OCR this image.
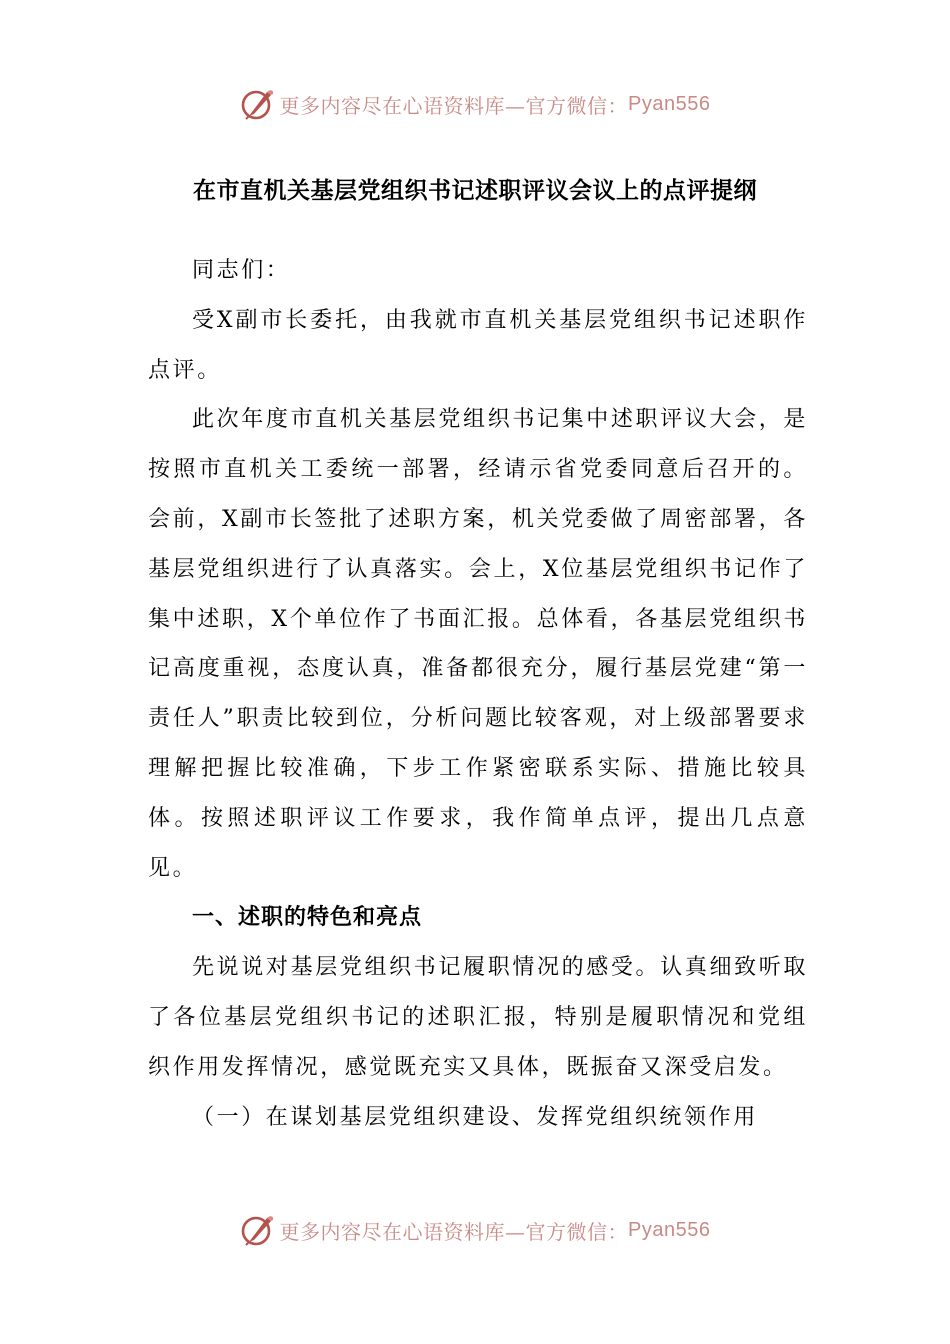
更多内容尽在心语资料库—官方微信： Pyan556
在市直机关基层党组织书记述职评议会议上的点评提纲

同志们：

受X副市长委托，由我就市直机关基层党组织书记述职作点评。

此次年度市直机关基层党组织书记集中述职评议大会，是按照市直机关工委统一部署，经请示省党委同意后召开的。会前，X副市长签批了述职方案，机关党委做了周密部署，各基层党组织进行了认真落实。会上，X位基层党组织书记作了集中述职，X个单位作了书面汇报。总体看，各基层党组织书记高度重视，态度认真，准备都很充分，履行基层党建“第一责任人”职责比较到位，分析问题比较客观，对上级部署要求理解把握比较准确，下步工作紧密联系实际、措施比较具体。按照述职评议工作要求，我作简单点评，提出几点意见。

一、述职的特色和亮点

先说说对基层党组织书记履职情况的感受。认真细致听取了各位基层党组织书记的述职汇报，特别是履职情况和党组织作用发挥情况，感觉既充实又具体，既振奋又深受启发。

（一）在谋划基层党组织建设、发挥党组织统领作用

更多内容尽在心语资料库—官方微信： Pyan556
